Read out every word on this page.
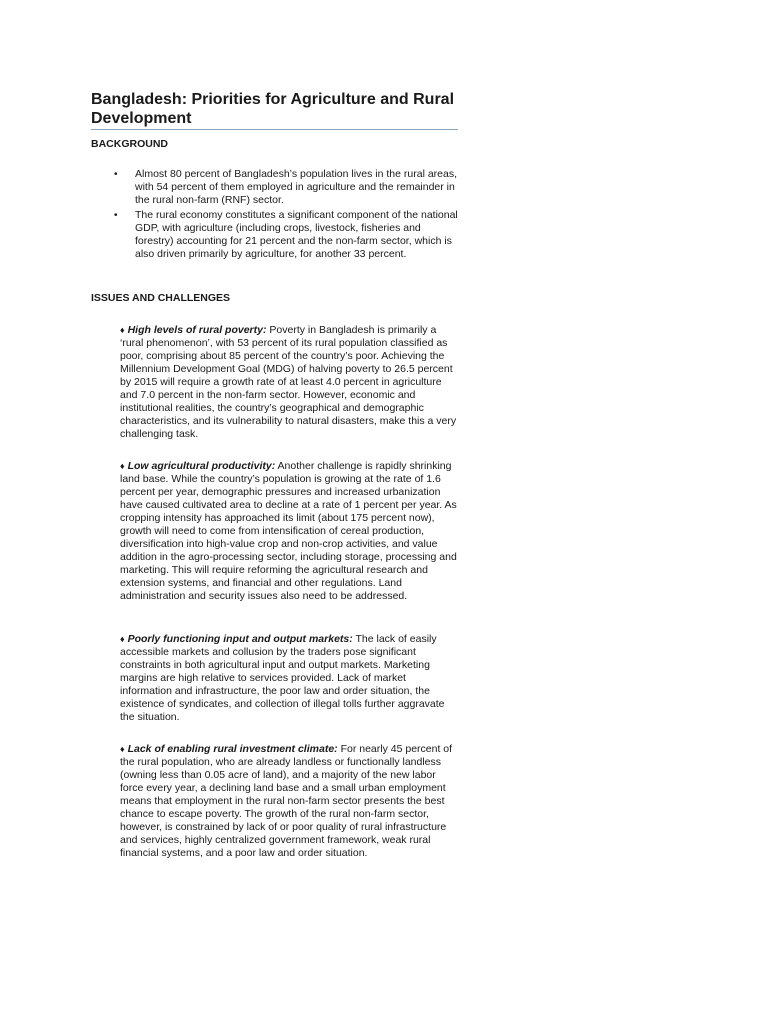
Bangladesh: Priorities for Agriculture and Rural Development
BACKGROUND
• Almost 80 percent of Bangladesh’s population lives in the rural areas, with 54 percent of them employed in agriculture and the remainder in the rural non-farm (RNF) sector.
• The rural economy constitutes a significant component of the national GDP, with agriculture (including crops, livestock, fisheries and forestry) accounting for 21 percent and the non-farm sector, which is also driven primarily by agriculture, for another 33 percent.
ISSUES AND CHALLENGES

♦ High levels of rural poverty: Poverty in Bangladesh is primarily a ‘rural phenomenon’, with 53 percent of its rural population classified as poor, comprising about 85 percent of the country’s poor. Achieving the Millennium Development Goal (MDG) of halving poverty to 26.5 percent by 2015 will require a growth rate of at least 4.0 percent in agriculture and 7.0 percent in the non-farm sector. However, economic and institutional realities, the country’s geographical and demographic characteristics, and its vulnerability to natural disasters, make this a very challenging task.

♦ Low agricultural productivity: Another challenge is rapidly shrinking land base. While the country’s population is growing at the rate of 1.6 percent per year, demographic pressures and increased urbanization have caused cultivated area to decline at a rate of 1 percent per year. As cropping intensity has approached its limit (about 175 percent now), growth will need to come from intensification of cereal production, diversification into high-value crop and non-crop activities, and value addition in the agro-processing sector, including storage, processing and marketing. This will require reforming the agricultural research and extension systems, and financial and other regulations. Land administration and security issues also need to be addressed.

♦ Poorly functioning input and output markets: The lack of easily accessible markets and collusion by the traders pose significant constraints in both agricultural input and output markets. Marketing margins are high relative to services provided. Lack of market information and infrastructure, the poor law and order situation, the existence of syndicates, and collection of illegal tolls further aggravate the situation.

♦ Lack of enabling rural investment climate: For nearly 45 percent of the rural population, who are already landless or functionally landless (owning less than 0.05 acre of land), and a majority of the new labor force every year, a declining land base and a small urban employment means that employment in the rural non-farm sector presents the best chance to escape poverty. The growth of the rural non-farm sector, however, is constrained by lack of or poor quality of rural infrastructure and services, highly centralized government framework, weak rural financial systems, and a poor law and order situation.
